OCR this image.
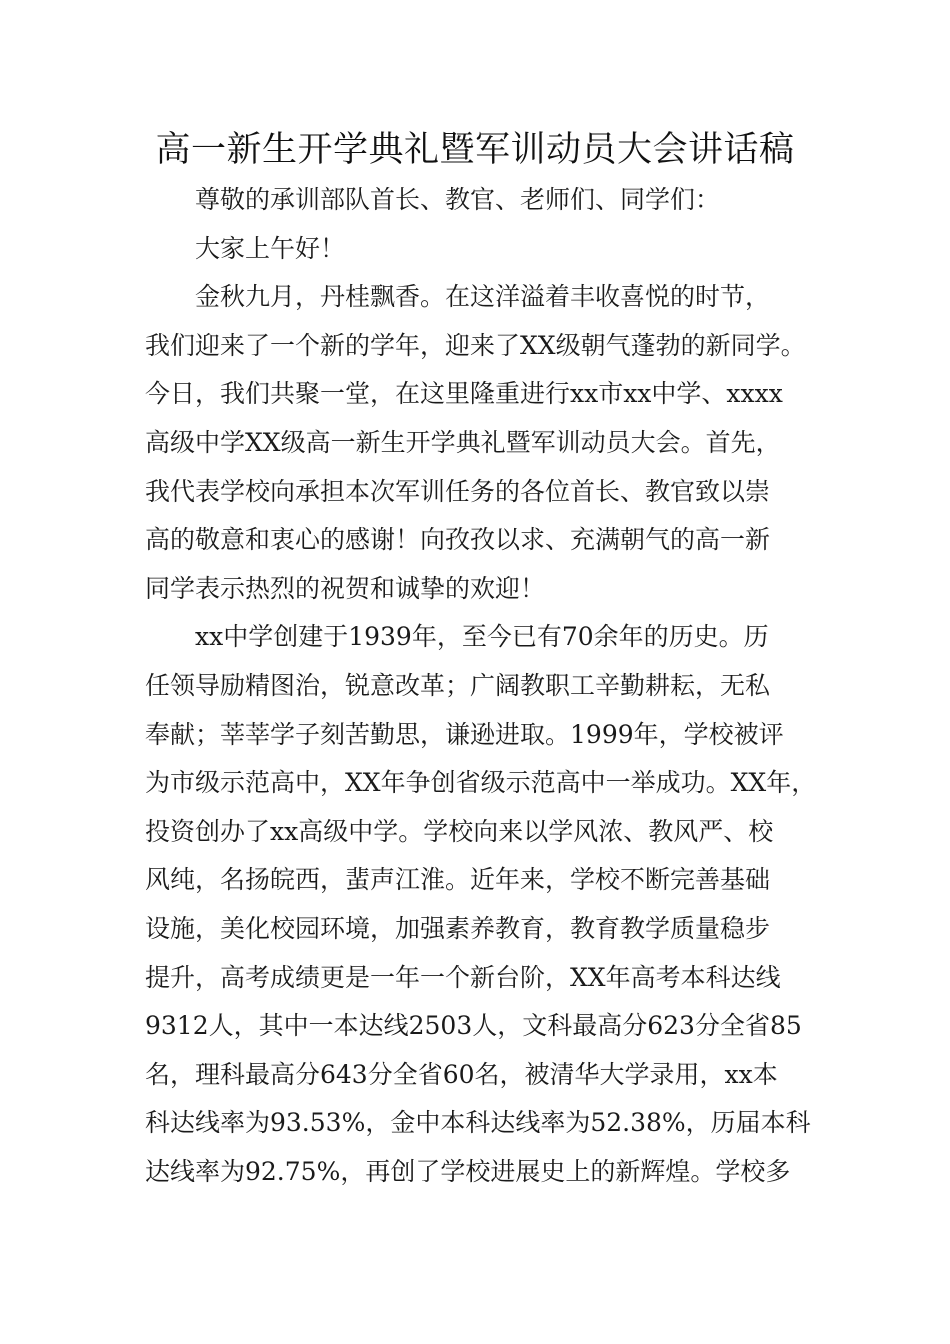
高一新生开学典礼暨军训动员大会讲话稿
尊敬的承训部队首长、教官、老师们、同学们：
大家上午好！
金秋九月，丹桂飘香。在这洋溢着丰收喜悦的时节，
我们迎来了一个新的学年，迎来了XX级朝气蓬勃的新同学。
今日，我们共聚一堂，在这里隆重进行xx市xx中学、xxxx
高级中学XX级高一新生开学典礼暨军训动员大会。首先，
我代表学校向承担本次军训任务的各位首长、教官致以崇
高的敬意和衷心的感谢！向孜孜以求、充满朝气的高一新
同学表示热烈的祝贺和诚挚的欢迎！
xx中学创建于1939年，至今已有70余年的历史。历
任领导励精图治，锐意改革；广阔教职工辛勤耕耘，无私
奉献；莘莘学子刻苦勤思，谦逊进取。1999年，学校被评
为市级示范高中，XX年争创省级示范高中一举成功。XX年，
投资创办了xx高级中学。学校向来以学风浓、教风严、校
风纯，名扬皖西，蜚声江淮。近年来，学校不断完善基础
设施，美化校园环境，加强素养教育，教育教学质量稳步
提升，高考成绩更是一年一个新台阶，XX年高考本科达线
9312人，其中一本达线2503人，文科最高分623分全省85
名，理科最高分643分全省60名，被清华大学录用，xx本
科达线率为93.53%，金中本科达线率为52.38%，历届本科
达线率为92.75%，再创了学校进展史上的新辉煌。学校多
